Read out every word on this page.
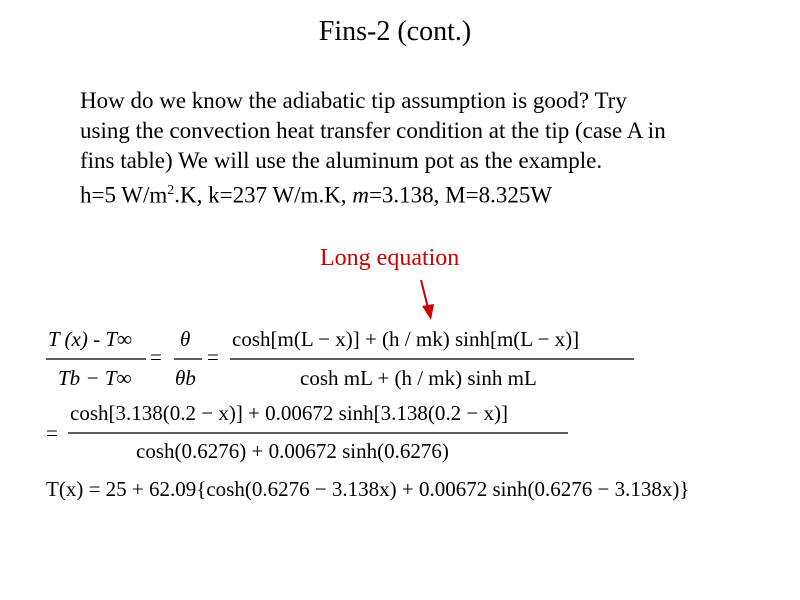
Fins-2 (cont.)

How do we know the adiabatic tip assumption is good? Try

using the convection heat transfer condition at the tip (case A in

fins table) We will use the aluminum pot as the example.

h=5 $W/m^2.K$, k=237 W/m.K, m=3.138, M=8.325W

Long equation
T (x) - T∞
Tb − T∞
=
θ
θb
=
cosh[m(L − x)] + (h / mk) sinh[m(L − x)]
cosh mL + (h / mk) sinh mL
=
cosh[3.138(0.2 − x)] + 0.00672 sinh[3.138(0.2 − x)]
cosh(0.6276) + 0.00672 sinh(0.6276)
T(x) = 25 + 62.09{cosh(0.6276 − 3.138x) + 0.00672 sinh(0.6276 − 3.138x)}
